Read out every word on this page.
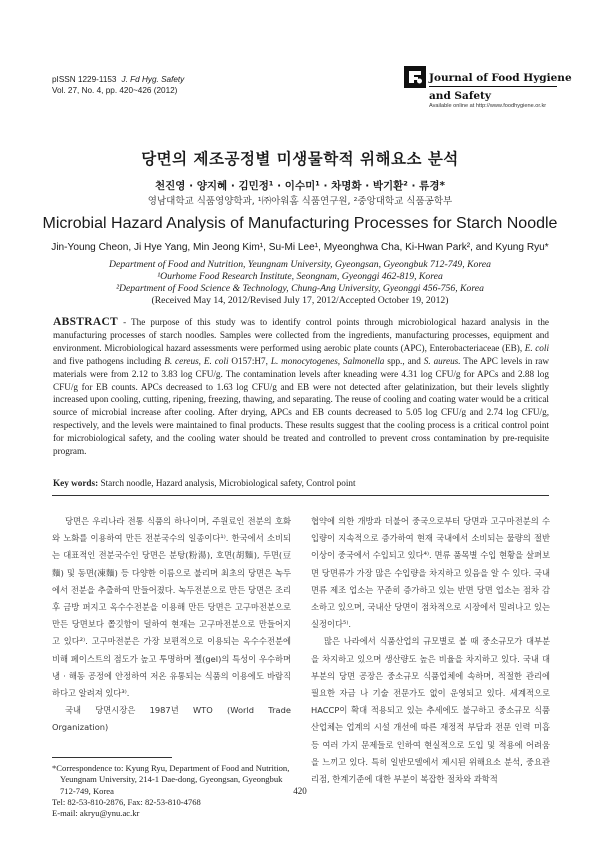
pISSN 1229-1153 J. Fd Hyg. Safety
Vol. 27, No. 4, pp. 420~426 (2012)
Journal of Food Hygiene
and Safety
Available online at http://www.foodhygiene.or.kr
당면의 제조공정별 미생물학적 위해요소 분석
천진영 · 양지혜 · 김민정¹ · 이수미¹ · 차명화 · 박기환² · 류경*
영남대학교 식품영양학과, ¹㈜아워홈 식품연구원, ²중앙대학교 식품공학부
Microbial Hazard Analysis of Manufacturing Processes for Starch Noodle
Jin-Young Cheon, Ji Hye Yang, Min Jeong Kim¹, Su-Mi Lee¹, Myeonghwa Cha, Ki-Hwan Park², and Kyung Ryu*
Department of Food and Nutrition, Yeungnam University, Gyeongsan, Gyeongbuk 712-749, Korea
¹Ourhome Food Research Institute, Seongnam, Gyeonggi 462-819, Korea
²Department of Food Science & Technology, Chung-Ang University, Gyeonggi 456-756, Korea
(Received May 14, 2012/Revised July 17, 2012/Accepted October 19, 2012)
ABSTRACT - The purpose of this study was to identify control points through microbiological hazard analysis in the manufacturing processes of starch noodles. Samples were collected from the ingredients, manufacturing processes, equipment and environment. Microbiological hazard assessments were performed using aerobic plate counts (APC), Enterobacteriaceae (EB), E. coli and five pathogens including B. cereus, E. coli O157:H7, L. monocytogenes, Salmonella spp., and S. aureus. The APC levels in raw materials were from 2.12 to 3.83 log CFU/g. The contamination levels after kneading were 4.31 log CFU/g for APCs and 2.88 log CFU/g for EB counts. APCs decreased to 1.63 log CFU/g and EB were not detected after gelatinization, but their levels slightly increased upon cooling, cutting, ripening, freezing, thawing, and separating. The reuse of cooling and coating water would be a critical source of microbial increase after cooling. After drying, APCs and EB counts decreased to 5.05 log CFU/g and 2.74 log CFU/g, respectively, and the levels were maintained to final products. These results suggest that the cooling process is a critical control point for microbiological safety, and the cooling water should be treated and controlled to prevent cross contamination by pre-requisite program.
Key words: Starch noodle, Hazard analysis, Microbiological safety, Control point

당면은 우리나라 전통 식품의 하나이며, 주원료인 전분의 호화와 노화를 이용하여 만든 전분국수의 일종이다¹⁾. 한국에서 소비되는 대표적인 전분국수인 당면은 분탕(粉湯), 호면(胡麵), 두면(豆麵) 및 동면(凍麵) 등 다양한 이름으로 불리며 최초의 당면은 녹두에서 전분을 추출하여 만들어졌다. 녹두전분으로 만든 당면은 조리 후 금방 퍼지고 옥수수전분을 이용해 만든 당면은 고구마전분으로 만든 당면보다 쫄깃함이 덜하여 현재는 고구마전분으로 만들어지고 있다²⁾. 고구마전분은 가장 보편적으로 이용되는 옥수수전분에 비해 페이스트의 점도가 높고 투명하며 젤(gel)의 특성이 우수하며 냉 · 해동 공정에 안정하여 저온 유통되는 식품의 이용에도 바람직하다고 알려져 있다³⁾.

국내 당면시장은 1987년 WTO (World Trade Organization)

협약에 의한 개방과 더불어 중국으로부터 당면과 고구마전분의 수입량이 지속적으로 증가하여 현재 국내에서 소비되는 물량의 절반 이상이 중국에서 수입되고 있다⁴⁾. 면류 품목별 수입 현황을 살펴보면 당면류가 가장 많은 수입량을 차지하고 있음을 알 수 있다. 국내 면류 제조 업소는 꾸준히 증가하고 있는 반면 당면 업소는 점차 감소하고 있으며, 국내산 당면이 점차적으로 시장에서 밀려나고 있는 실정이다⁵⁾.

많은 나라에서 식품산업의 규모별로 볼 때 중소규모가 대부분을 차지하고 있으며 생산량도 높은 비율을 차지하고 있다. 국내 대부분의 당면 공장은 중소규모 식품업체에 속하며, 적절한 관리에 필요한 자금 나 기술 전문가도 없이 운영되고 있다. 세계적으로 HACCP이 확대 적용되고 있는 추세에도 불구하고 중소규모 식품산업체는 업계의 시설 개선에 따른 재정적 부담과 전문 인력 미흡 등 여러 가지 문제들로 인하여 현실적으로 도입 및 적용에 어려움을 느끼고 있다. 특히 일반모델에서 제시된 위해요소 분석, 중요관리점, 한계기준에 대한 부분이 복잡한 절차와 과학적

*Correspondence to: Kyung Ryu, Department of Food and Nutrition,
Yeungnam University, 214-1 Dae-dong, Gyeongsan, Gyeongbuk
712-749, Korea
Tel: 82-53-810-2876, Fax: 82-53-810-4768
E-mail: akryu@ynu.ac.kr
420
